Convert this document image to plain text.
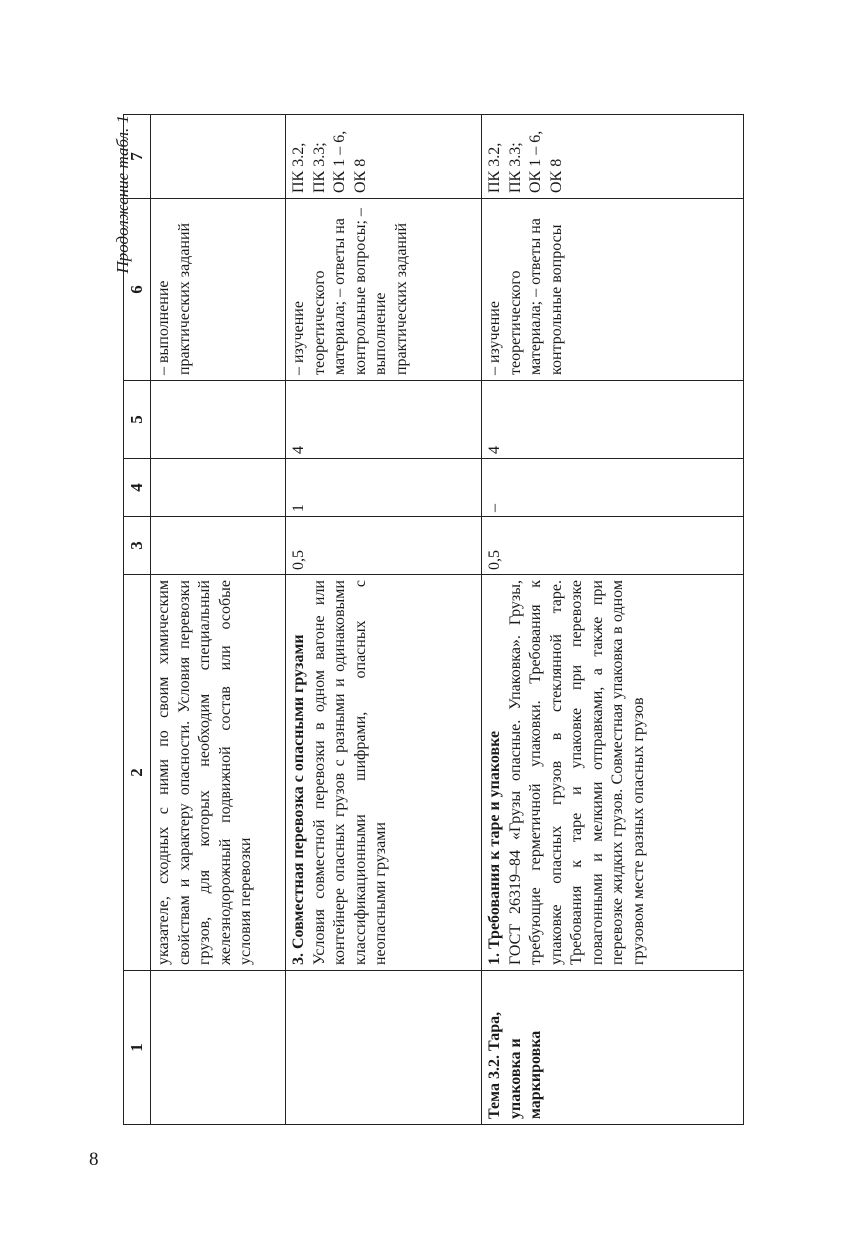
8
Продолжение табл. 1
1	2	3	4	5	6	7
	указателе, сходных с ними по своим химическим свойствам и характеру опасности. Условия перевозки грузов, для которых необходим специальный железнодорожный подвижной состав или особые условия перевозки				– выполнение практических заданий	

	3. Совместная перевозка с опасными грузами Условия совместной перевозки в одном вагоне или контейнере опасных грузов с разными и одинаковыми классификационными шифрами, опасных с неопасными грузами	0,5	1	4	– изучение теоретического материала; – ответы на контрольные вопросы; – выполнение практических заданий	ПК 3.2, ПК 3.3; ОК 1 – 6, ОК 8
Тема 3.2. Тара, упаковка и маркировка	1. Требования к таре и упаковке ГОСТ 26319–84 «Грузы опасные. Упаковка». Грузы, требующие герметичной упаковки. Требования к упаковке опасных грузов в стеклянной таре. Требования к таре и упаковке при перевозке повагонными и мелкими отправками, а также при перевозке жидких грузов. Совместная упаковка в одном грузовом месте разных опасных грузов	0,5	–	4	– изучение теоретического материала; – ответы на контрольные вопросы	ПК 3.2, ПК 3.3; ОК 1 – 6, ОК 8
